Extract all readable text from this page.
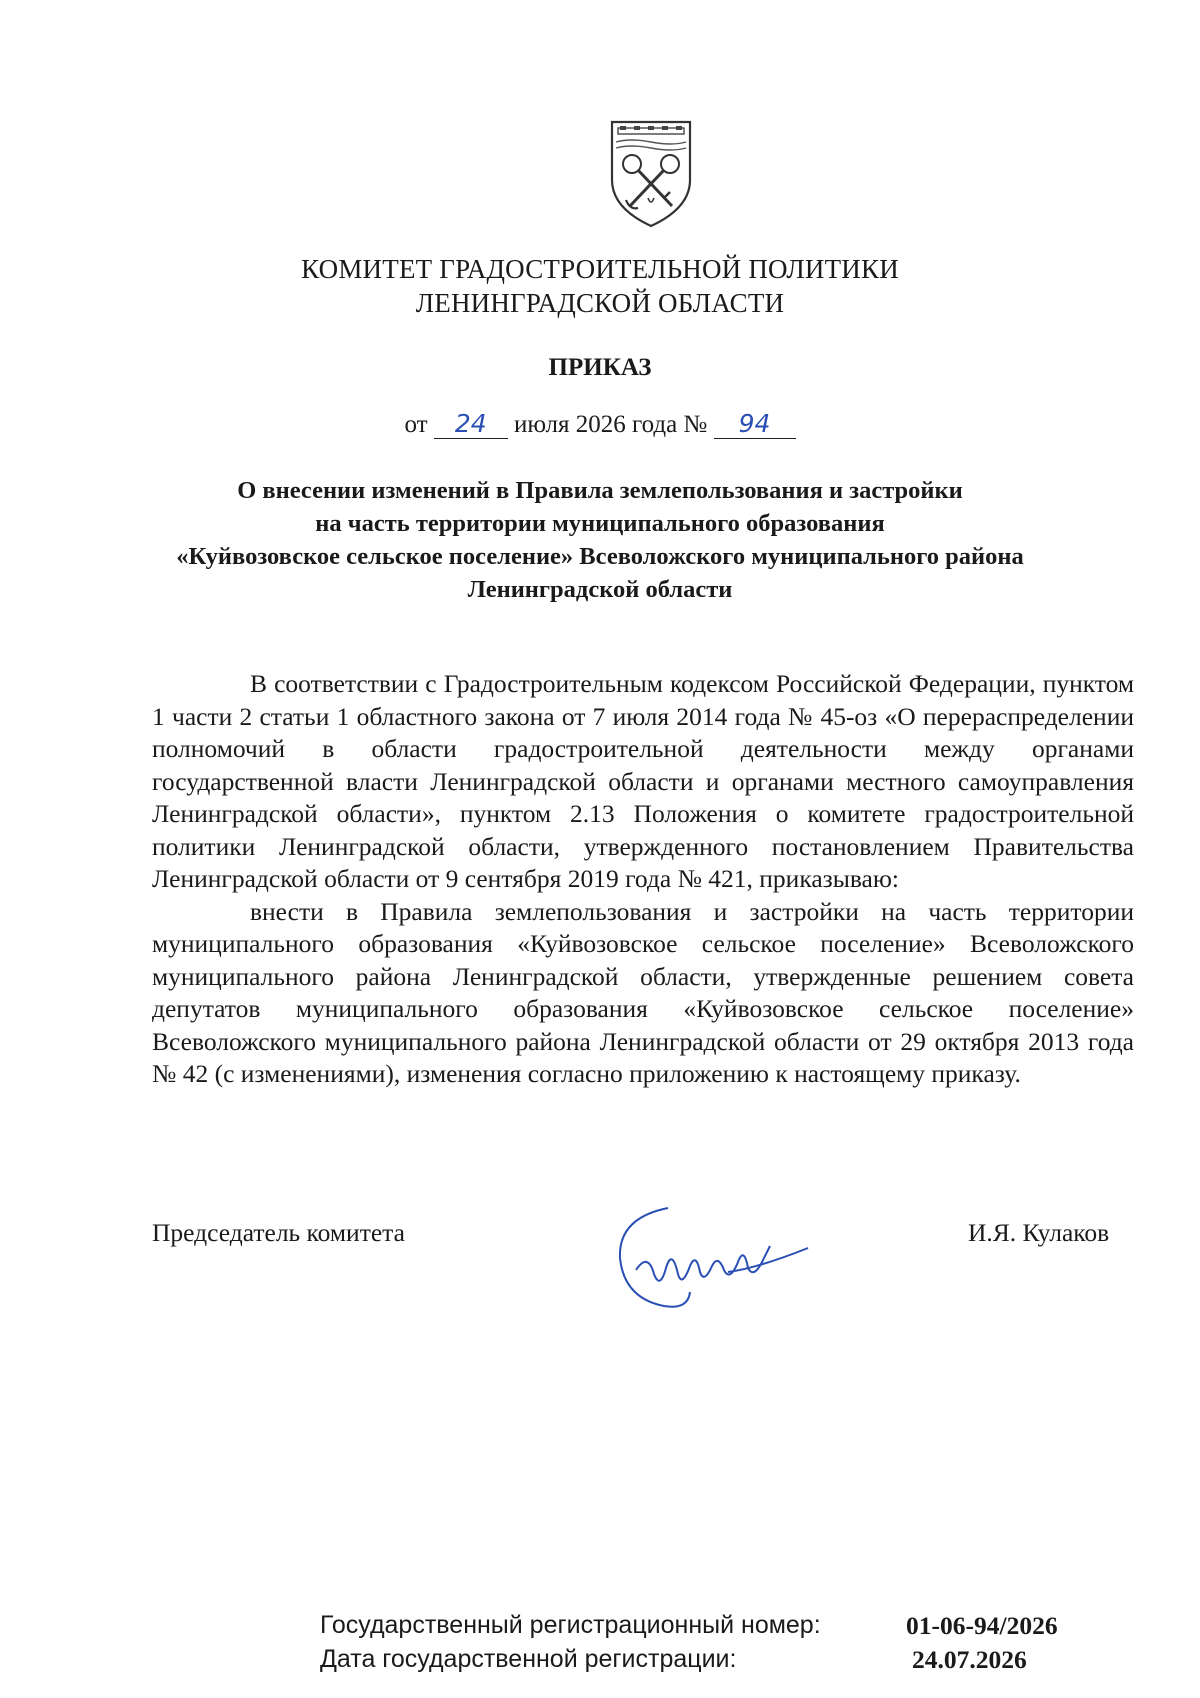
КОМИТЕТ ГРАДОСТРОИТЕЛЬНОЙ ПОЛИТИКИ
ЛЕНИНГРАДСКОЙ ОБЛАСТИ
ПРИКАЗ
от 24 июля 2026 года № 94
О внесении изменений в Правила землепользования и застройки
на часть территории муниципального образования
«Куйвозовское сельское поселение» Всеволожского муниципального района
Ленинградской области

В соответствии с Градостроительным кодексом Российской Федерации, пунктом 1 части 2 статьи 1 областного закона от 7 июля 2014 года № 45-оз «О перераспределении полномочий в области градостроительной деятельности между органами государственной власти Ленинградской области и органами местного самоуправления Ленинградской области», пунктом 2.13 Положения о комитете градостроительной политики Ленинградской области, утвержденного постановлением Правительства Ленинградской области от 9 сентября 2019 года № 421, приказываю:

внести в Правила землепользования и застройки на часть территории муниципального образования «Куйвозовское сельское поселение» Всеволожского муниципального района Ленинградской области, утвержденные решением совета депутатов муниципального образования «Куйвозовское сельское поселение» Всеволожского муниципального района Ленинградской области от 29 октября 2013 года № 42 (с изменениями), изменения согласно приложению к настоящему приказу.

Председатель комитета	И.Я. Кулаков
Государственный регистрационный номер:	01-06-94/2026
Дата государственной регистрации:	24.07.2026
